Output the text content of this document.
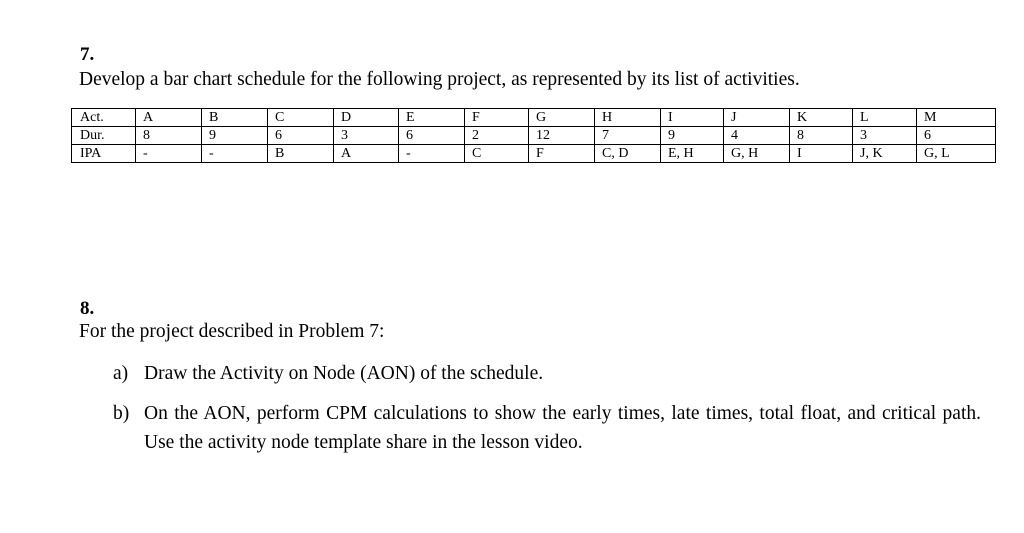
7.
Develop a bar chart schedule for the following project, as represented by its list of activities.
Act.	A	B	C	D	E	F	G	H	I	J	K	L	M
Dur.	8	9	6	3	6	2	12	7	9	4	8	3	6
IPA	-	-	B	A	-	C	F	C, D	E, H	G, H	I	J, K	G, L
8.
For the project described in Problem 7:
a) Draw the Activity on Node (AON) of the schedule.
b) On the AON, perform CPM calculations to show the early times, late times, total float, and critical path. Use the activity node template share in the lesson video.
